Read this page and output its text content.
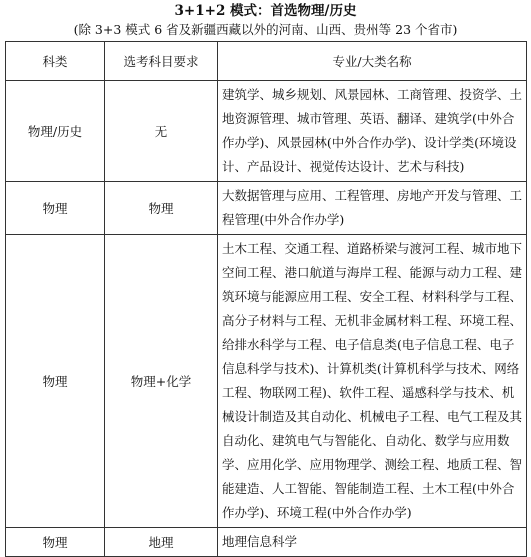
3+1+2 模式：首选物理/历史
(除 3+3 模式 6 省及新疆西藏以外的河南、山西、贵州等 23 个省市)
科类	选考科目要求	专业/大类名称
物理/历史	无	建筑学、城乡规划、风景园林、工商管理、投资学、土地资源管理、城市管理、英语、翻译、建筑学(中外合作办学)、风景园林(中外合作办学)、设计学类(环境设计、产品设计、视觉传达设计、艺术与科技)
物理	物理	大数据管理与应用、工程管理、房地产开发与管理、工程管理(中外合作办学)
物理	物理+化学	土木工程、交通工程、道路桥梁与渡河工程、城市地下空间工程、港口航道与海岸工程、能源与动力工程、建筑环境与能源应用工程、安全工程、材料科学与工程、高分子材料与工程、无机非金属材料工程、环境工程、给排水科学与工程、电子信息类(电子信息工程、电子信息科学与技术)、计算机类(计算机科学与技术、网络工程、物联网工程)、软件工程、遥感科学与技术、机械设计制造及其自动化、机械电子工程、电气工程及其自动化、建筑电气与智能化、自动化、数学与应用数学、应用化学、应用物理学、测绘工程、地质工程、智能建造、人工智能、智能制造工程、土木工程(中外合作办学)、环境工程(中外合作办学)
物理	地理	地理信息科学
